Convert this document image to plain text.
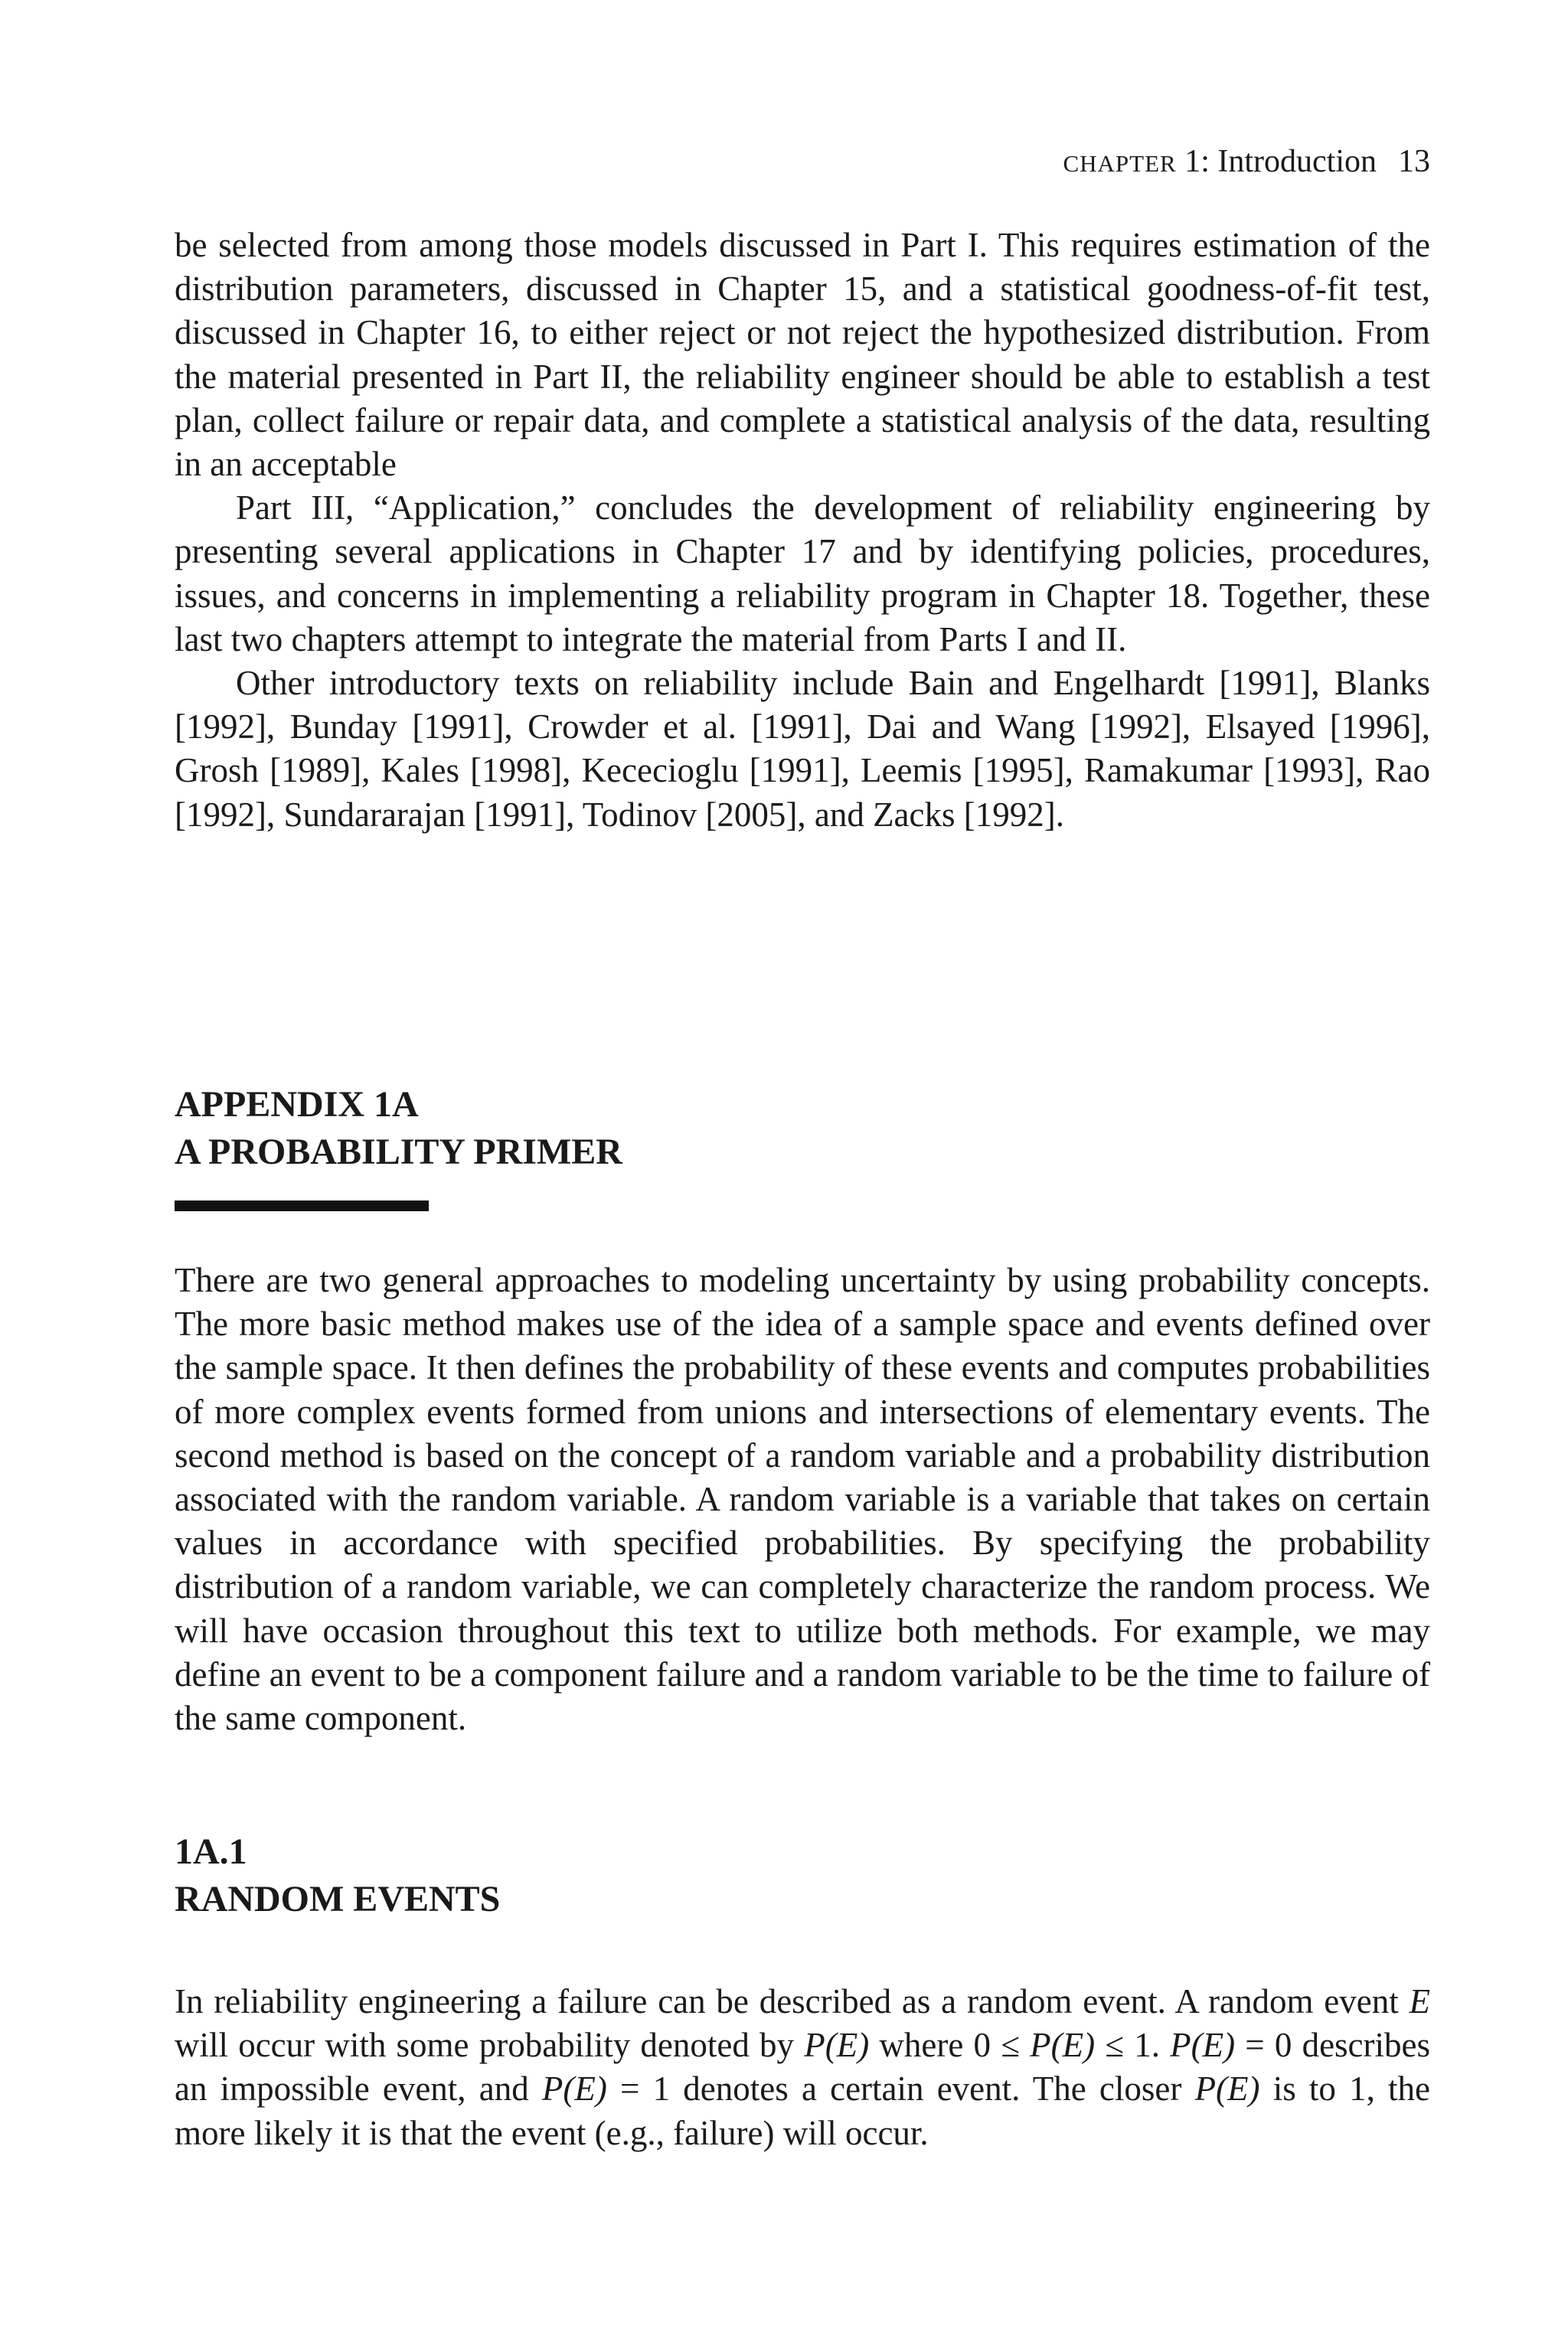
CHAPTER 1: Introduction 13

be selected from among those models discussed in Part I. This requires estimation of the distribution parameters, discussed in Chapter 15, and a statistical goodness-of-fit test, discussed in Chapter 16, to either reject or not reject the hypothesized distribution. From the material presented in Part II, the reliability engineer should be able to establish a test plan, collect failure or repair data, and complete a statistical analysis of the data, resulting in an acceptable

Part III, “Application,” concludes the development of reliability engineering by presenting several applications in Chapter 17 and by identifying policies, procedures, issues, and concerns in implementing a reliability program in Chapter 18. Together, these last two chapters attempt to integrate the material from Parts I and II.

Other introductory texts on reliability include Bain and Engelhardt [1991], Blanks [1992], Bunday [1991], Crowder et al. [1991], Dai and Wang [1992], Elsayed [1996], Grosh [1989], Kales [1998], Kececioglu [1991], Leemis [1995], Ramakumar [1993], Rao [1992], Sundararajan [1991], Todinov [2005], and Zacks [1992].

APPENDIX 1A
A PROBABILITY PRIMER

There are two general approaches to modeling uncertainty by using probability concepts. The more basic method makes use of the idea of a sample space and events defined over the sample space. It then defines the probability of these events and computes probabilities of more complex events formed from unions and intersections of elementary events. The second method is based on the concept of a random variable and a probability distribution associated with the random variable. A random variable is a variable that takes on certain values in accordance with specified probabilities. By specifying the probability distribution of a random variable, we can completely characterize the random process. We will have occasion throughout this text to utilize both methods. For example, we may define an event to be a component failure and a random variable to be the time to failure of the same component.

1A.1
RANDOM EVENTS

In reliability engineering a failure can be described as a random event. A random event E will occur with some probability denoted by P(E) where 0 ≤ P(E) ≤ 1. P(E) = 0 describes an impossible event, and P(E) = 1 denotes a certain event. The closer P(E) is to 1, the more likely it is that the event (e.g., failure) will occur.
